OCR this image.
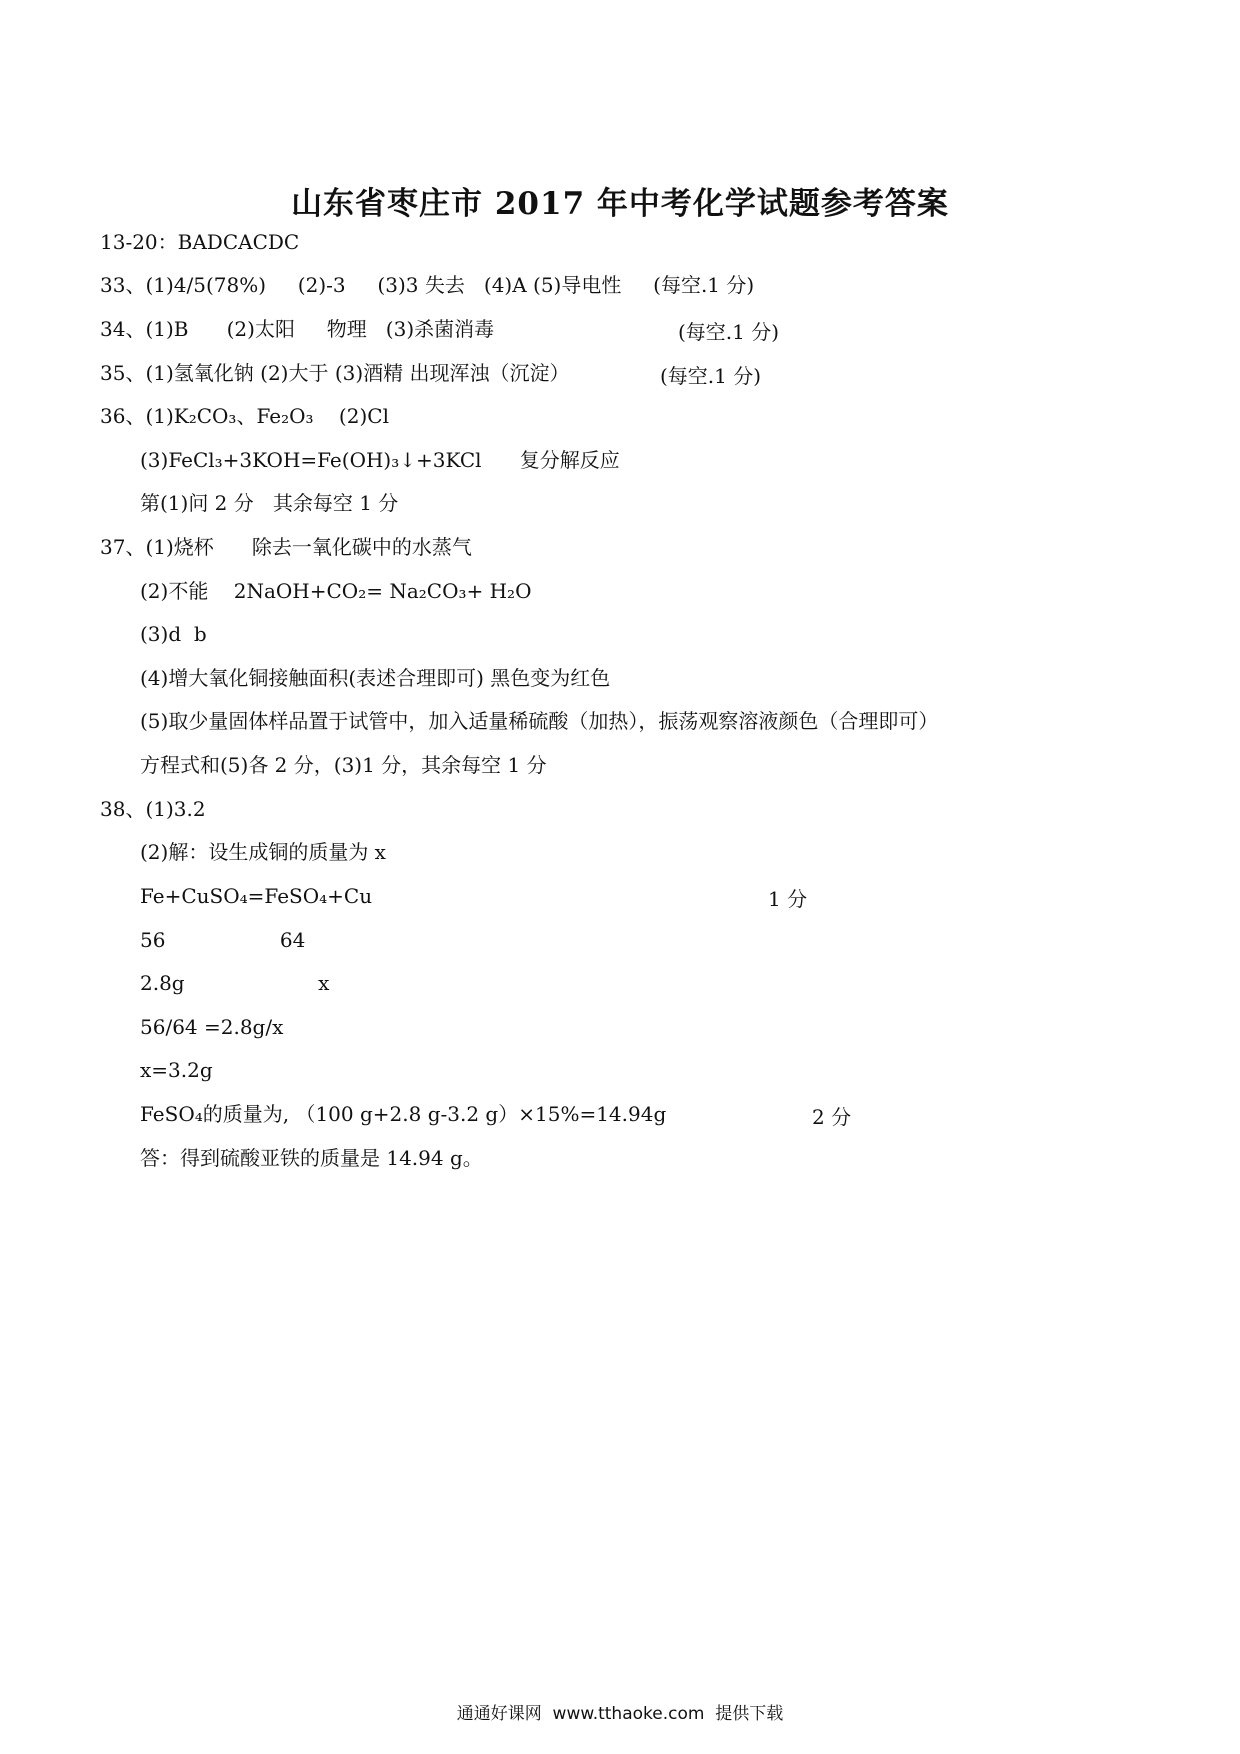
山东省枣庄市 2017 年中考化学试题参考答案
13-20：BADCACDC
33、(1)4/5(78%)     (2)-3     (3)3 失去   (4)A (5)导电性     (每空.1 分)
34、(1)B      (2)太阳     物理   (3)杀菌消毒	(每空.1 分)
35、(1)氢氧化钠 (2)大于 (3)酒精 出现浑浊（沉淀）	(每空.1 分)
36、(1)K₂CO₃、Fe₂O₃    (2)Cl
(3)FeCl₃+3KOH=Fe(OH)₃↓+3KCl      复分解反应
第(1)问 2 分   其余每空 1 分
37、(1)烧杯      除去一氧化碳中的水蒸气
(2)不能    2NaOH+CO₂= Na₂CO₃+ H₂O
(3)d  b
(4)增大氧化铜接触面积(表述合理即可) 黑色变为红色
(5)取少量固体样品置于试管中，加入适量稀硫酸（加热），振荡观察溶液颜色（合理即可）
方程式和(5)各 2 分，(3)1 分，其余每空 1 分
38、(1)3.2
(2)解：设生成铜的质量为 x
Fe+CuSO₄=FeSO₄+Cu	1 分
56                  64
2.8g                     x
56/64 =2.8g/x
x=3.2g
FeSO₄的质量为, （100 g+2.8 g-3.2 g）×15%=14.94g	2 分
答：得到硫酸亚铁的质量是 14.94 g。
通通好课网  www.tthaoke.com  提供下载
